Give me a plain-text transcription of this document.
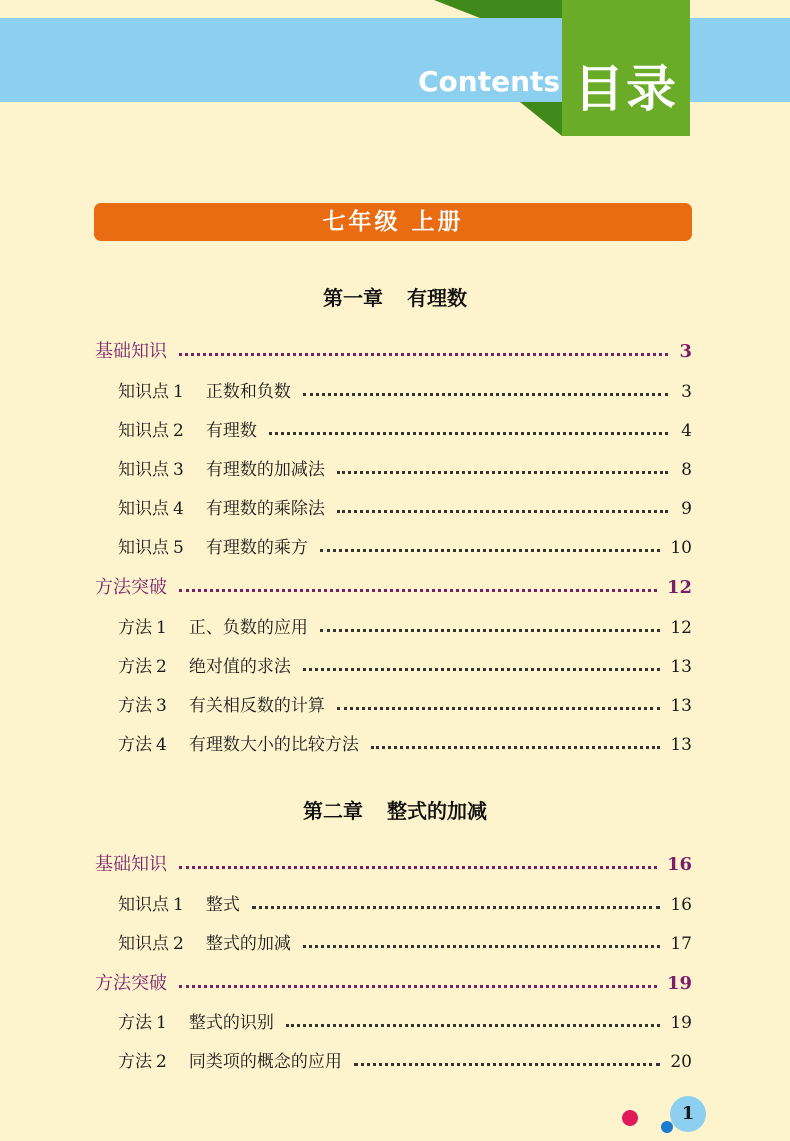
Contents 目录
七年级 上册
第一章 有理数
基础知识	3
知识点 1 正数和负数	3
知识点 2 有理数	4
知识点 3 有理数的加减法	8
知识点 4 有理数的乘除法	9
知识点 5 有理数的乘方	10
方法突破	12
方法 1 正、负数的应用	12
方法 2 绝对值的求法	13
方法 3 有关相反数的计算	13
方法 4 有理数大小的比较方法	13
第二章 整式的加减
基础知识	16
知识点 1 整式	16
知识点 2 整式的加减	17
方法突破	19
方法 1 整式的识别	19
方法 2 同类项的概念的应用	20
1
